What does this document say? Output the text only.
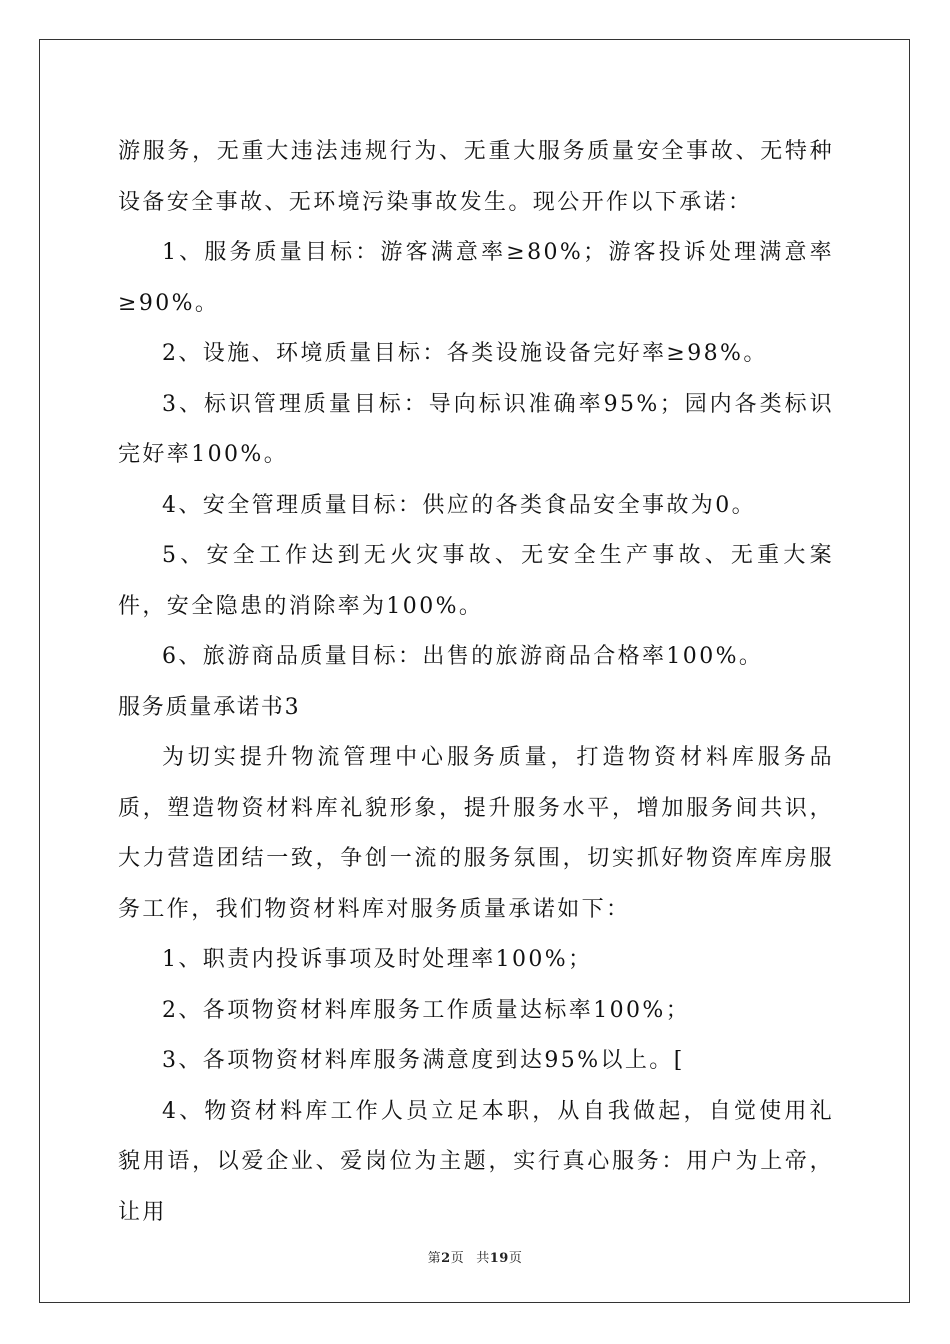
游服务，无重大违法违规行为、无重大服务质量安全事故、无特种设备安全事故、无环境污染事故发生。现公开作以下承诺：

1、服务质量目标：游客满意率≥80%；游客投诉处理满意率≥90%。

2、设施、环境质量目标：各类设施设备完好率≥98%。

3、标识管理质量目标：导向标识准确率95%；园内各类标识完好率100%。

4、安全管理质量目标：供应的各类食品安全事故为0。

5、安全工作达到无火灾事故、无安全生产事故、无重大案件，安全隐患的消除率为100%。

6、旅游商品质量目标：出售的旅游商品合格率100%。

服务质量承诺书3

为切实提升物流管理中心服务质量，打造物资材料库服务品质，塑造物资材料库礼貌形象，提升服务水平，增加服务间共识，大力营造团结一致，争创一流的服务氛围，切实抓好物资库库房服务工作，我们物资材料库对服务质量承诺如下：

1、职责内投诉事项及时处理率100%；

2、各项物资材料库服务工作质量达标率100%；

3、各项物资材料库服务满意度到达95%以上。[

4、物资材料库工作人员立足本职，从自我做起，自觉使用礼貌用语，以爱企业、爱岗位为主题，实行真心服务：用户为上帝，让用

第2页 共19页
